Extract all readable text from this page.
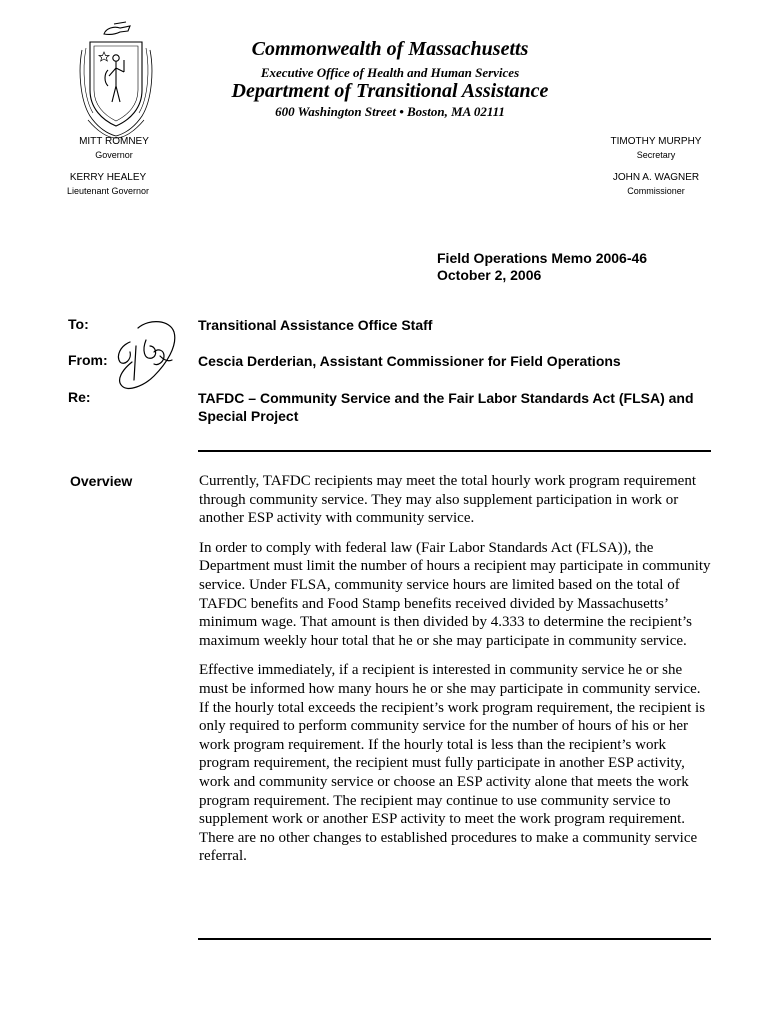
Commonwealth of Massachusetts
Executive Office of Health and Human Services
Department of Transitional Assistance
600 Washington Street • Boston, MA 02111
MITT ROMNEY
Governor
KERRY HEALEY
Lieutenant Governor
TIMOTHY MURPHY
Secretary
JOHN A. WAGNER
Commissioner
Field Operations Memo 2006-46
October 2, 2006
To:	Transitional Assistance Office Staff
From:	Cescia Derderian, Assistant Commissioner for Field Operations
Re:	TAFDC – Community Service and the Fair Labor Standards Act (FLSA) and Special Project
Overview	Currently, TAFDC recipients may meet the total hourly work program requirement through community service. They may also supplement participation in work or another ESP activity with community service.

In order to comply with federal law (Fair Labor Standards Act (FLSA)), the Department must limit the number of hours a recipient may participate in community service. Under FLSA, community service hours are limited based on the total of TAFDC benefits and Food Stamp benefits received divided by Massachusetts’ minimum wage. That amount is then divided by 4.333 to determine the recipient’s maximum weekly hour total that he or she may participate in community service.

Effective immediately, if a recipient is interested in community service he or she must be informed how many hours he or she may participate in community service. If the hourly total exceeds the recipient’s work program requirement, the recipient is only required to perform community service for the number of hours of his or her work program requirement. If the hourly total is less than the recipient’s work program requirement, the recipient must fully participate in another ESP activity, work and community service or choose an ESP activity alone that meets the work program requirement. The recipient may continue to use community service to supplement work or another ESP activity to meet the work program requirement. There are no other changes to established procedures to make a community service referral.
